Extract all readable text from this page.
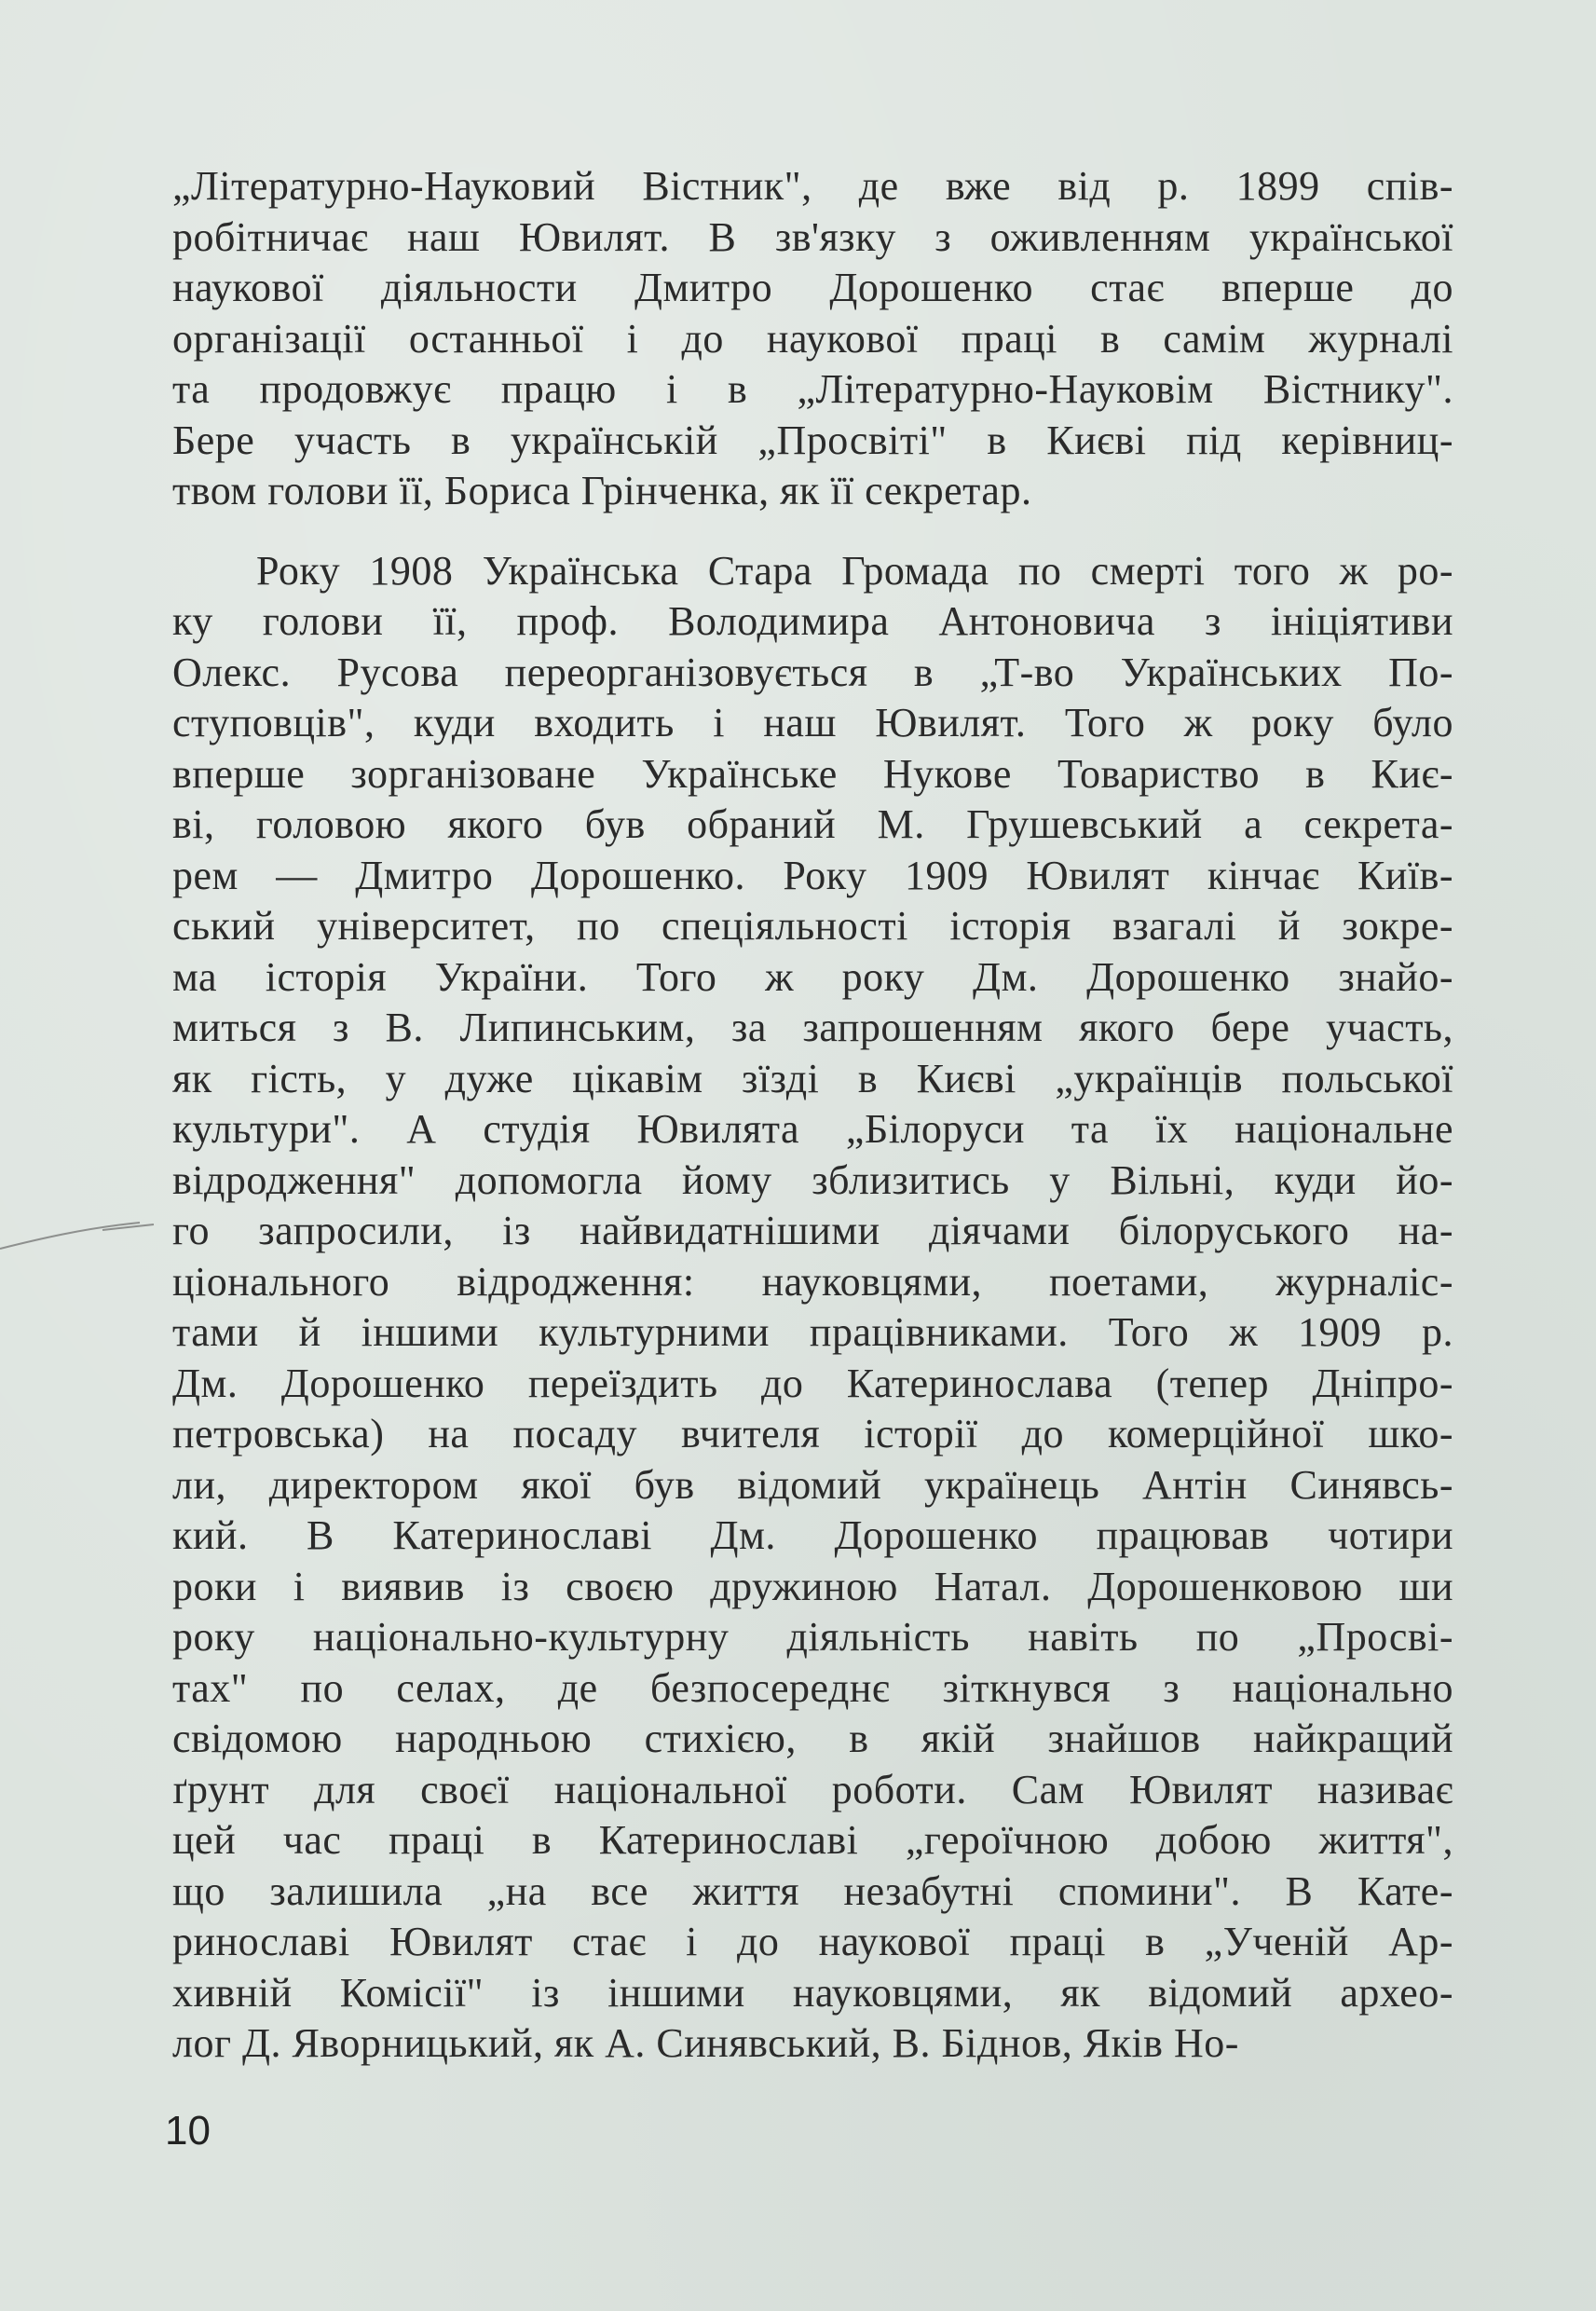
„Літературно-Науковий Вістник", де вже від р. 1899 спів-
робітничає наш Ювилят. В зв'язку з оживленням української
наукової діяльности Дмитро Дорошенко стає вперше до
організації останньої і до наукової праці в самім журналі
та продовжує працю і в „Літературно-Науковім Вістнику".
Бере участь в українській „Просвіті" в Києві під керівниц-
твом голови її, Бориса Грінченка, як її секретар.
Року 1908 Українська Стара Громада по смерті того ж ро-
ку голови її, проф. Володимира Антоновича з ініціятиви
Олекс. Русова переорганізовується в „Т-во Українських По-
ступовців", куди входить і наш Ювилят. Того ж року було
вперше зорганізоване Українське Нукове Товариство в Киє-
ві, головою якого був обраний М. Грушевський а секрета-
рем — Дмитро Дорошенко. Року 1909 Ювилят кінчає Київ-
ський університет, по спеціяльності історія взагалі й зокре-
ма історія України. Того ж року Дм. Дорошенко знайо-
миться з В. Липинським, за запрошенням якого бере участь,
як гість, у дуже цікавім зїзді в Києві „українців польської
культури". А студія Ювилята „Білоруси та їх національне
відродження" допомогла йому зблизитись у Вільні, куди йо-
го запросили, із найвидатнішими діячами білоруського на-
ціонального відродження: науковцями, поетами, журналіс-
тами й іншими культурними працівниками. Того ж 1909 р.
Дм. Дорошенко переїздить до Катеринослава (тепер Дніпро-
петровська) на посаду вчителя історії до комерційної шко-
ли, директором якої був відомий українець Антін Синявсь-
кий. В Катеринославі Дм. Дорошенко працював чотири
роки і виявив із своєю дружиною Натал. Дорошенковою ши
року національно-культурну діяльність навіть по „Просві-
тах" по селах, де безпосереднє зіткнувся з національно
свідомою народньою стихією, в якій знайшов найкращий
ґрунт для своєї національної роботи. Сам Ювилят називає
цей час праці в Катеринославі „героїчною добою життя",
що залишила „на все життя незабутні спомини". В Кате-
ринославі Ювилят стає і до наукової праці в „Ученій Ар-
хивній Комісії" із іншими науковцями, як відомий археo-
лог Д. Яворницький, як А. Синявський, В. Біднов, Яків Но-
10
